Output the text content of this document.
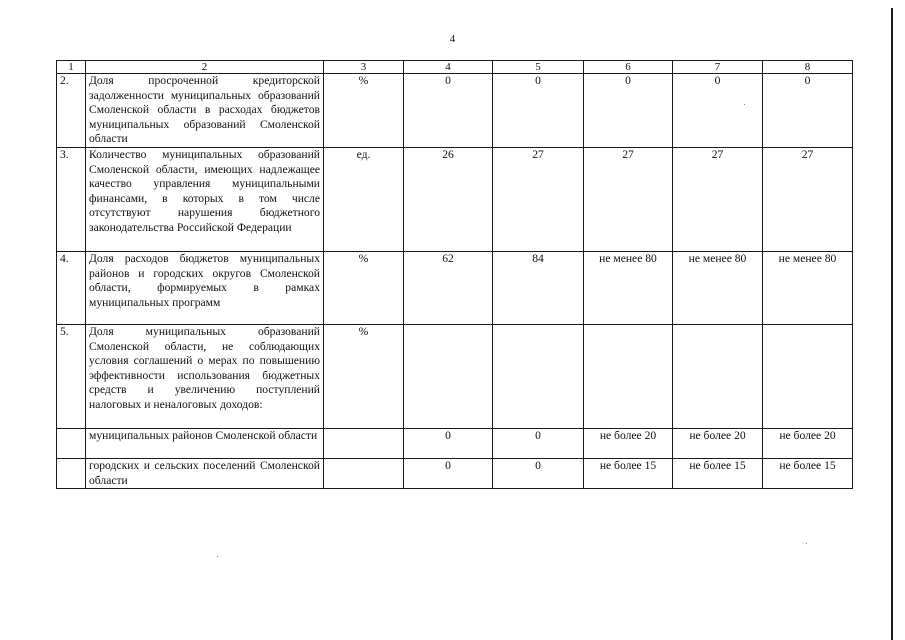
4
1	2	3	4	5	6	7	8
2.	Доля просроченной кредиторской задолженности муниципальных образований Смоленской области в расходах бюджетов муниципальных образований Смоленской области	%	0	0	0	0	0
3.	Количество муниципальных образований Смоленской области, имеющих надлежащее качество управления муниципальными финансами, в которых в том числе отсутствуют нарушения бюджетного законодательства Российской Федерации	ед.	26	27	27	27	27
4.	Доля расходов бюджетов муниципальных районов и городских округов Смоленской области, формируемых в рамках муниципальных программ	%	62	84	не менее 80	не менее 80	не менее 80
5.	Доля муниципальных образований Смоленской области, не соблюдающих условия соглашений о мерах по повышению эффективности использования бюджетных средств и увеличению поступлений налоговых и неналоговых доходов:	%					
	муниципальных районов Смоленской области		0	0	не более 20	не более 20	не более 20
	городских и сельских поселений Смоленской области		0	0	не более 15	не более 15	не более 15
